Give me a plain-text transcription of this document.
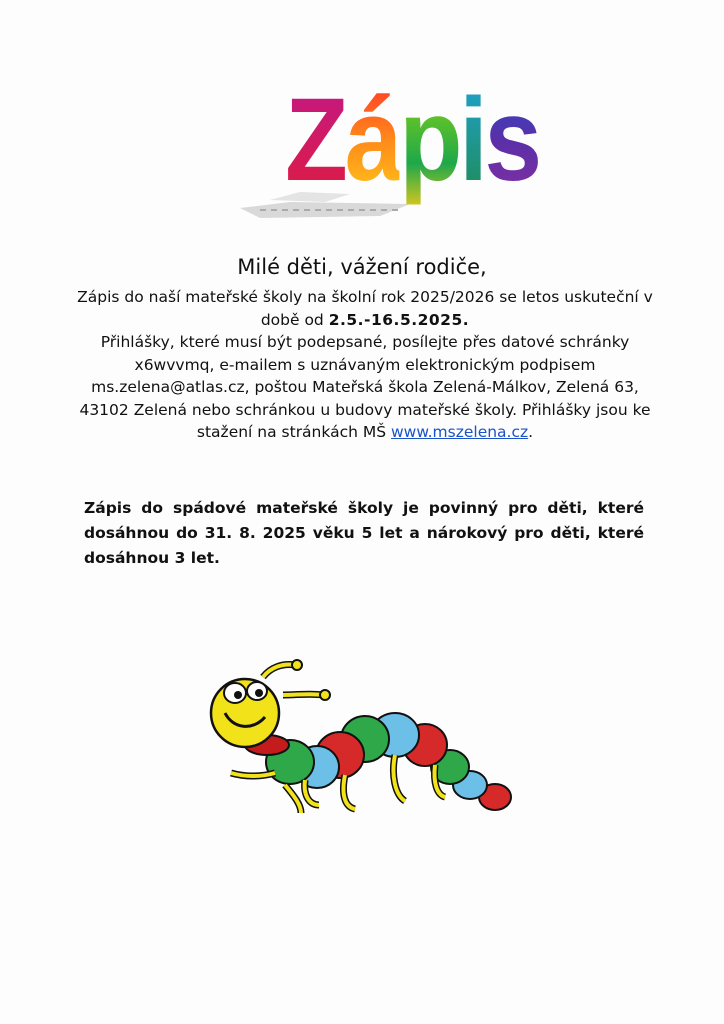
Zápis
Milé děti, vážení rodiče,
Zápis do naší mateřské školy na školní rok 2025/2026 se letos uskuteční v době od 2.5.-16.5.2025.
Přihlášky, které musí být podepsané, posílejte přes datové schránky x6wvvmq, e-mailem s uznávaným elektronickým podpisem ms.zelena@atlas.cz, poštou Mateřská škola Zelená-Málkov, Zelená 63, 43102 Zelená nebo schránkou u budovy mateřské školy. Přihlášky jsou ke stažení na stránkách MŠ www.mszelena.cz.
Zápis do spádové mateřské školy je povinný pro děti, které dosáhnou do 31. 8. 2025 věku 5 let a nárokový pro děti, které dosáhnou 3 let.
